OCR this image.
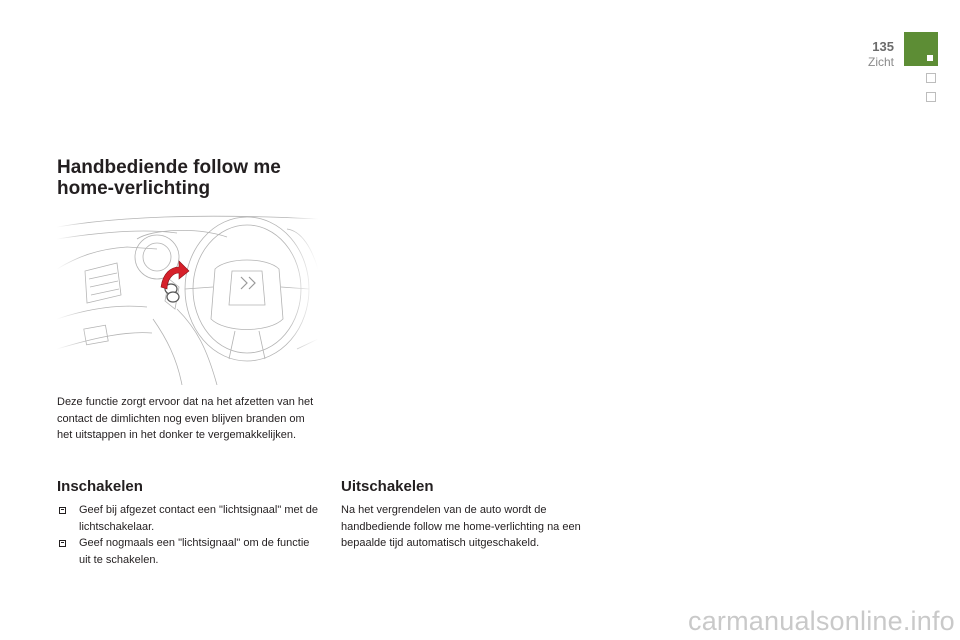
135
Zicht
Handbediende follow me
home-verlichting

Deze functie zorgt ervoor dat na het afzetten van het contact de dimlichten nog even blijven branden om het uitstappen in het donker te vergemakkelijken.

Inschakelen
Geef bij afgezet contact een "lichtsignaal" met de lichtschakelaar.
Geef nogmaals een "lichtsignaal" om de functie uit te schakelen.
Uitschakelen

Na het vergrendelen van de auto wordt de handbediende follow me home-verlichting na een bepaalde tijd automatisch uitgeschakeld.

carmanualsonline.info
